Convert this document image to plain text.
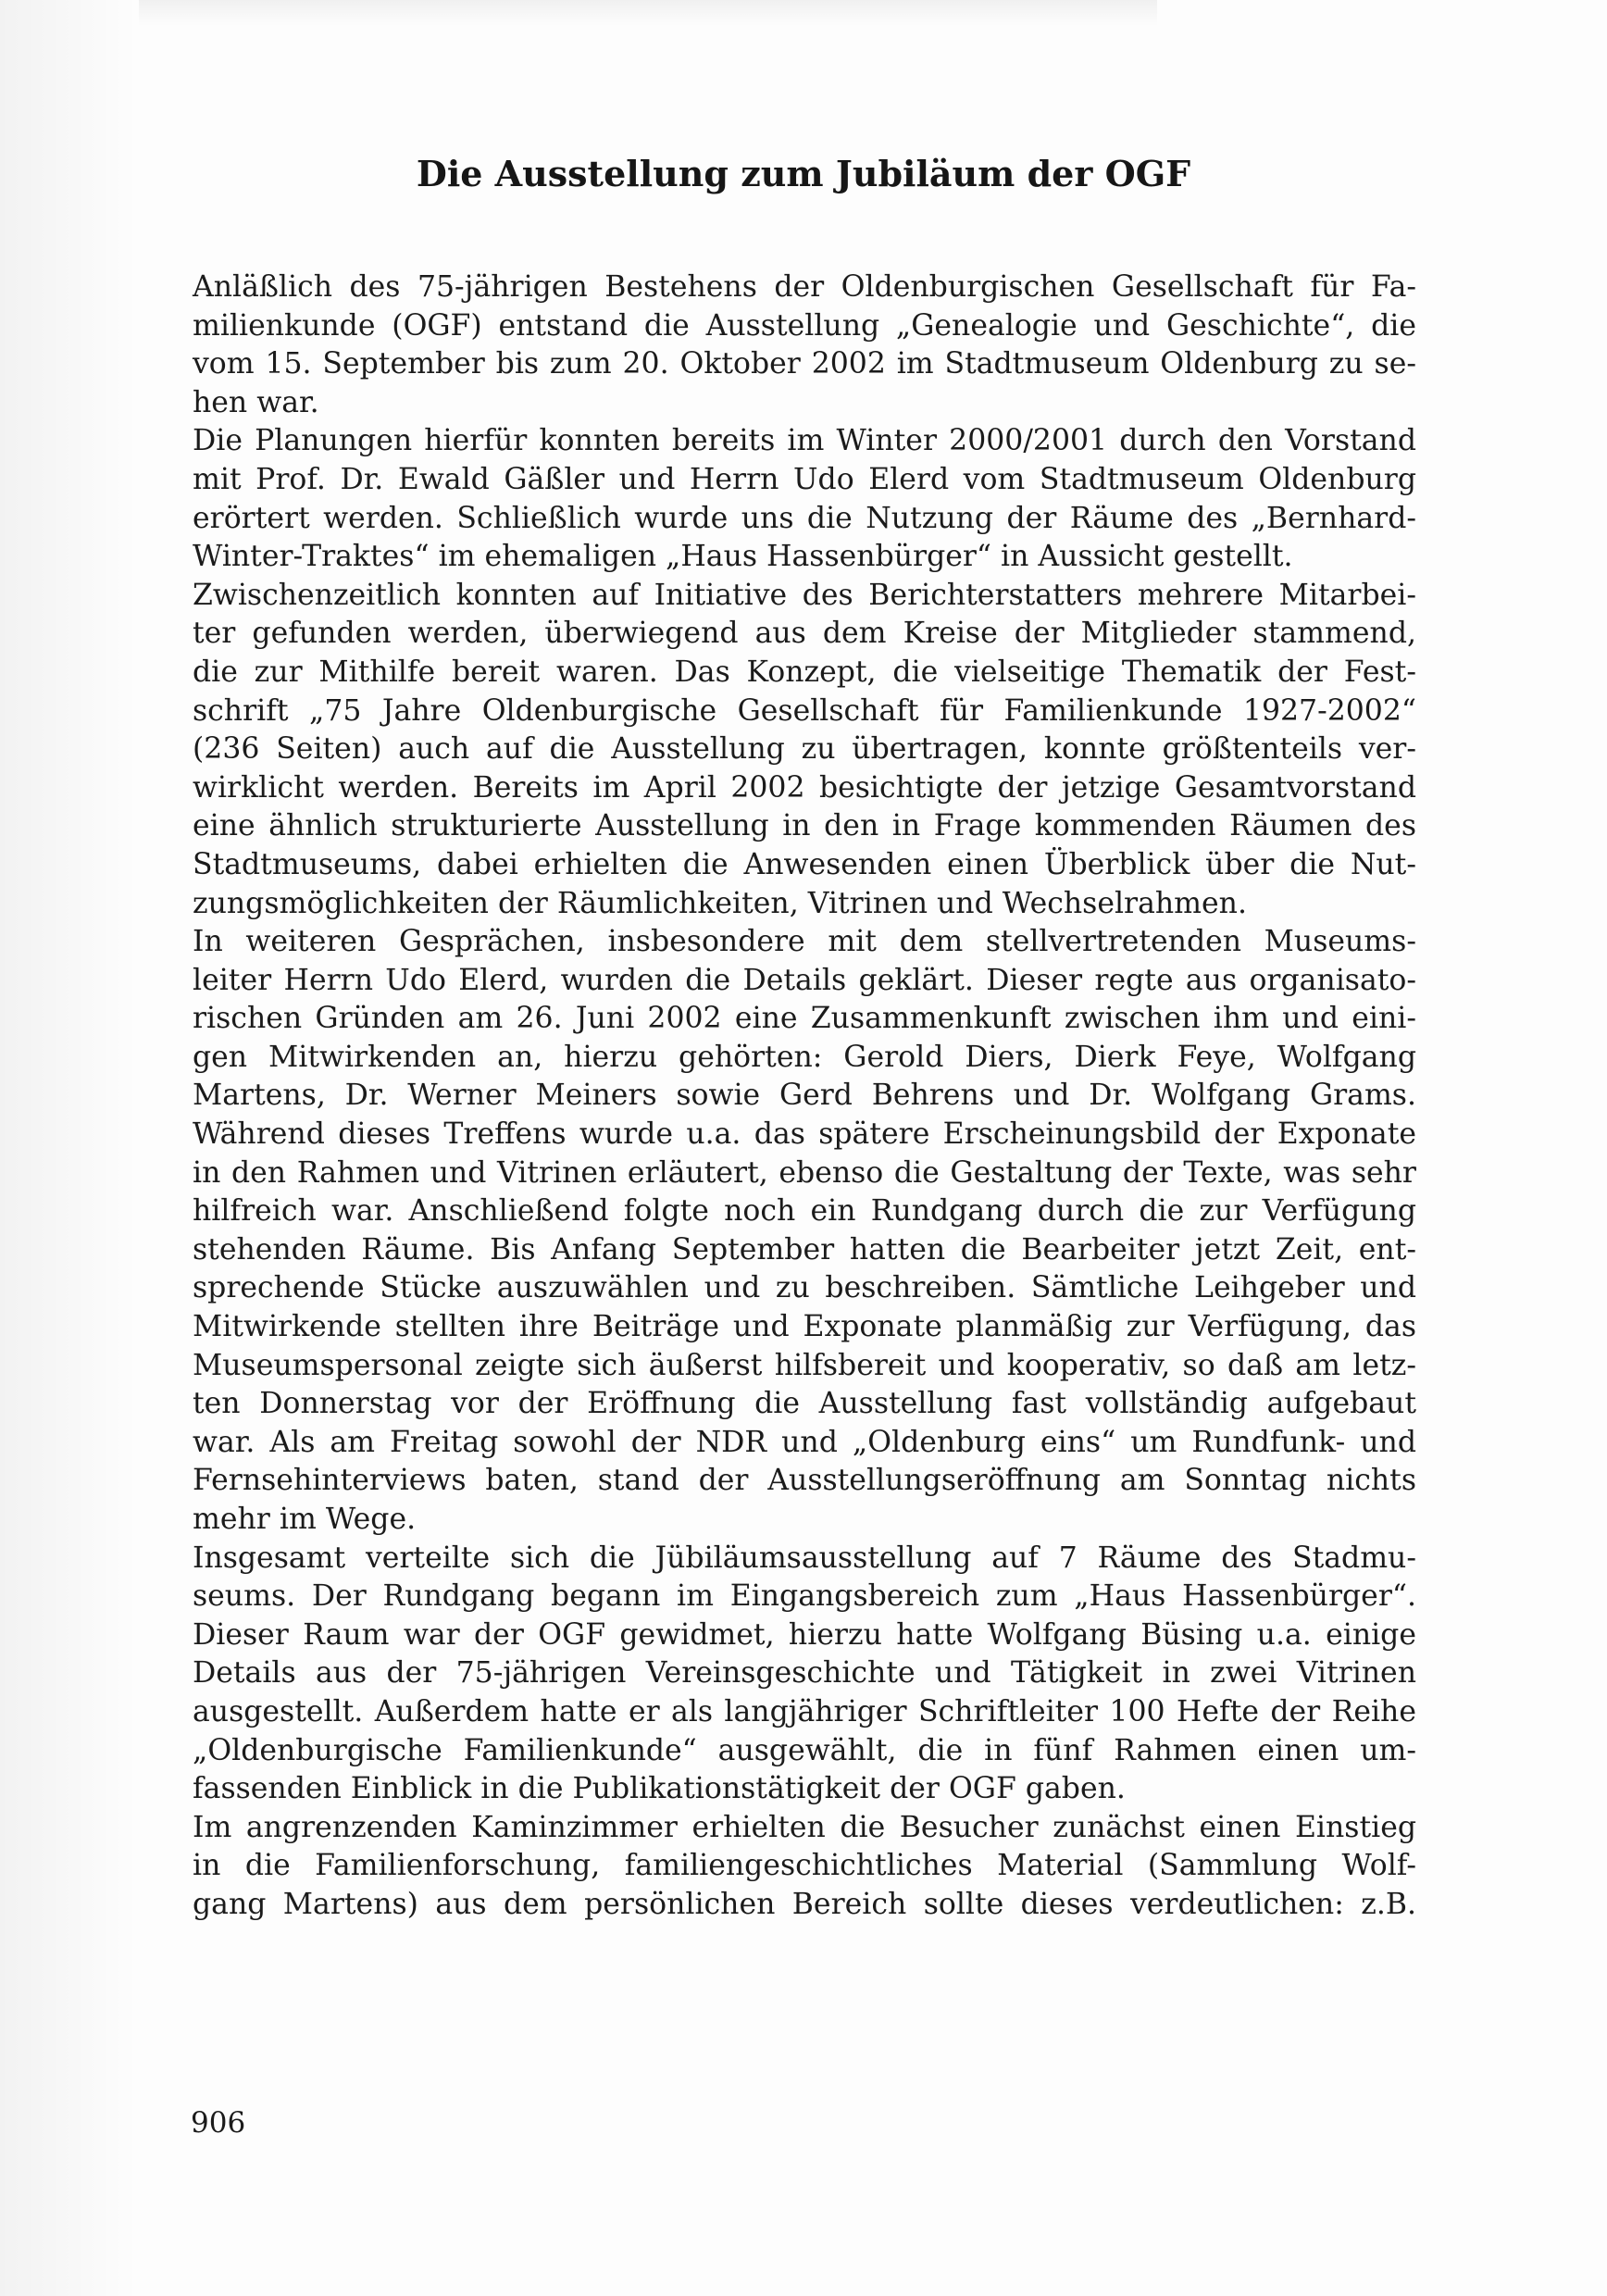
Die Ausstellung zum Jubiläum der OGF
Anläßlich des 75-jährigen Bestehens der Oldenburgischen Gesellschaft für Fa-
milienkunde (OGF) entstand die Ausstellung „Genealogie und Geschichte“, die
vom 15. September bis zum 20. Oktober 2002 im Stadtmuseum Oldenburg zu se-
hen war.
Die Planungen hierfür konnten bereits im Winter 2000/2001 durch den Vorstand
mit Prof. Dr. Ewald Gäßler und Herrn Udo Elerd vom Stadtmuseum Oldenburg
erörtert werden. Schließlich wurde uns die Nutzung der Räume des „Bernhard-
Winter-Traktes“ im ehemaligen „Haus Hassenbürger“ in Aussicht gestellt.
Zwischenzeitlich konnten auf Initiative des Berichterstatters mehrere Mitarbei-
ter gefunden werden, überwiegend aus dem Kreise der Mitglieder stammend,
die zur Mithilfe bereit waren. Das Konzept, die vielseitige Thematik der Fest-
schrift „75 Jahre Oldenburgische Gesellschaft für Familienkunde 1927-2002“
(236 Seiten) auch auf die Ausstellung zu übertragen, konnte größtenteils ver-
wirklicht werden. Bereits im April 2002 besichtigte der jetzige Gesamtvorstand
eine ähnlich strukturierte Ausstellung in den in Frage kommenden Räumen des
Stadtmuseums, dabei erhielten die Anwesenden einen Überblick über die Nut-
zungsmöglichkeiten der Räumlichkeiten, Vitrinen und Wechselrahmen.
In weiteren Gesprächen, insbesondere mit dem stellvertretenden Museums-
leiter Herrn Udo Elerd, wurden die Details geklärt. Dieser regte aus organisato-
rischen Gründen am 26. Juni 2002 eine Zusammenkunft zwischen ihm und eini-
gen Mitwirkenden an, hierzu gehörten: Gerold Diers, Dierk Feye, Wolfgang
Martens, Dr. Werner Meiners sowie Gerd Behrens und Dr. Wolfgang Grams.
Während dieses Treffens wurde u.a. das spätere Erscheinungsbild der Exponate
in den Rahmen und Vitrinen erläutert, ebenso die Gestaltung der Texte, was sehr
hilfreich war. Anschließend folgte noch ein Rundgang durch die zur Verfügung
stehenden Räume. Bis Anfang September hatten die Bearbeiter jetzt Zeit, ent-
sprechende Stücke auszuwählen und zu beschreiben. Sämtliche Leihgeber und
Mitwirkende stellten ihre Beiträge und Exponate planmäßig zur Verfügung, das
Museumspersonal zeigte sich äußerst hilfsbereit und kooperativ, so daß am letz-
ten Donnerstag vor der Eröffnung die Ausstellung fast vollständig aufgebaut
war. Als am Freitag sowohl der NDR und „Oldenburg eins“ um Rundfunk- und
Fernsehinterviews baten, stand der Ausstellungseröffnung am Sonntag nichts
mehr im Wege.
Insgesamt verteilte sich die Jübiläumsausstellung auf 7 Räume des Stadmu-
seums. Der Rundgang begann im Eingangsbereich zum „Haus Hassenbürger“.
Dieser Raum war der OGF gewidmet, hierzu hatte Wolfgang Büsing u.a. einige
Details aus der 75-jährigen Vereinsgeschichte und Tätigkeit in zwei Vitrinen
ausgestellt. Außerdem hatte er als langjähriger Schriftleiter 100 Hefte der Reihe
„Oldenburgische Familienkunde“ ausgewählt, die in fünf Rahmen einen um-
fassenden Einblick in die Publikationstätigkeit der OGF gaben.
Im angrenzenden Kaminzimmer erhielten die Besucher zunächst einen Einstieg
in die Familienforschung, familiengeschichtliches Material (Sammlung Wolf-
gang Martens) aus dem persönlichen Bereich sollte dieses verdeutlichen: z.B.

906
